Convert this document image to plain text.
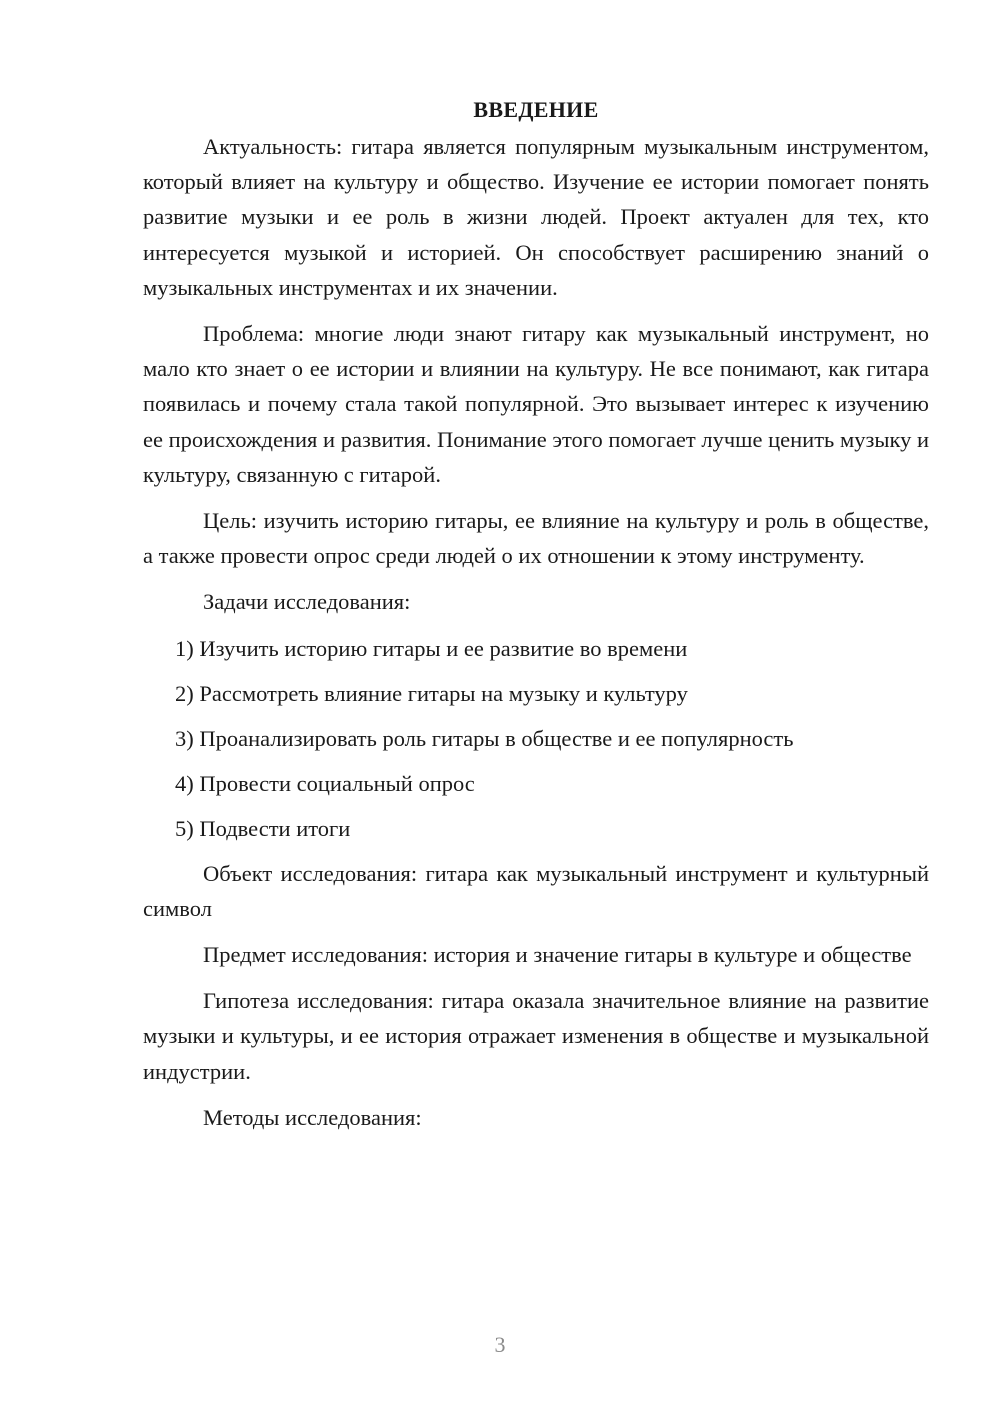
ВВЕДЕНИЕ

Актуальность: гитара является популярным музыкальным инструментом, который влияет на культуру и общество. Изучение ее истории помогает понять развитие музыки и ее роль в жизни людей. Проект актуален для тех, кто интересуется музыкой и историей. Он способствует расширению знаний о музыкальных инструментах и их значении.

Проблема: многие люди знают гитару как музыкальный инструмент, но мало кто знает о ее истории и влиянии на культуру. Не все понимают, как гитара появилась и почему стала такой популярной. Это вызывает интерес к изучению ее происхождения и развития. Понимание этого помогает лучше ценить музыку и культуру, связанную с гитарой.

Цель: изучить историю гитары, ее влияние на культуру и роль в обществе, а также провести опрос среди людей о их отношении к этому инструменту.

Задачи исследования:

1) Изучить историю гитары и ее развитие во времени
2) Рассмотреть влияние гитары на музыку и культуру
3) Проанализировать роль гитары в обществе и ее популярность
4) Провести социальный опрос
5) Подвести итоги

Объект исследования: гитара как музыкальный инструмент и культурный символ

Предмет исследования: история и значение гитары в культуре и обществе

Гипотеза исследования: гитара оказала значительное влияние на развитие музыки и культуры, и ее история отражает изменения в обществе и музыкальной индустрии.

Методы исследования:

3
